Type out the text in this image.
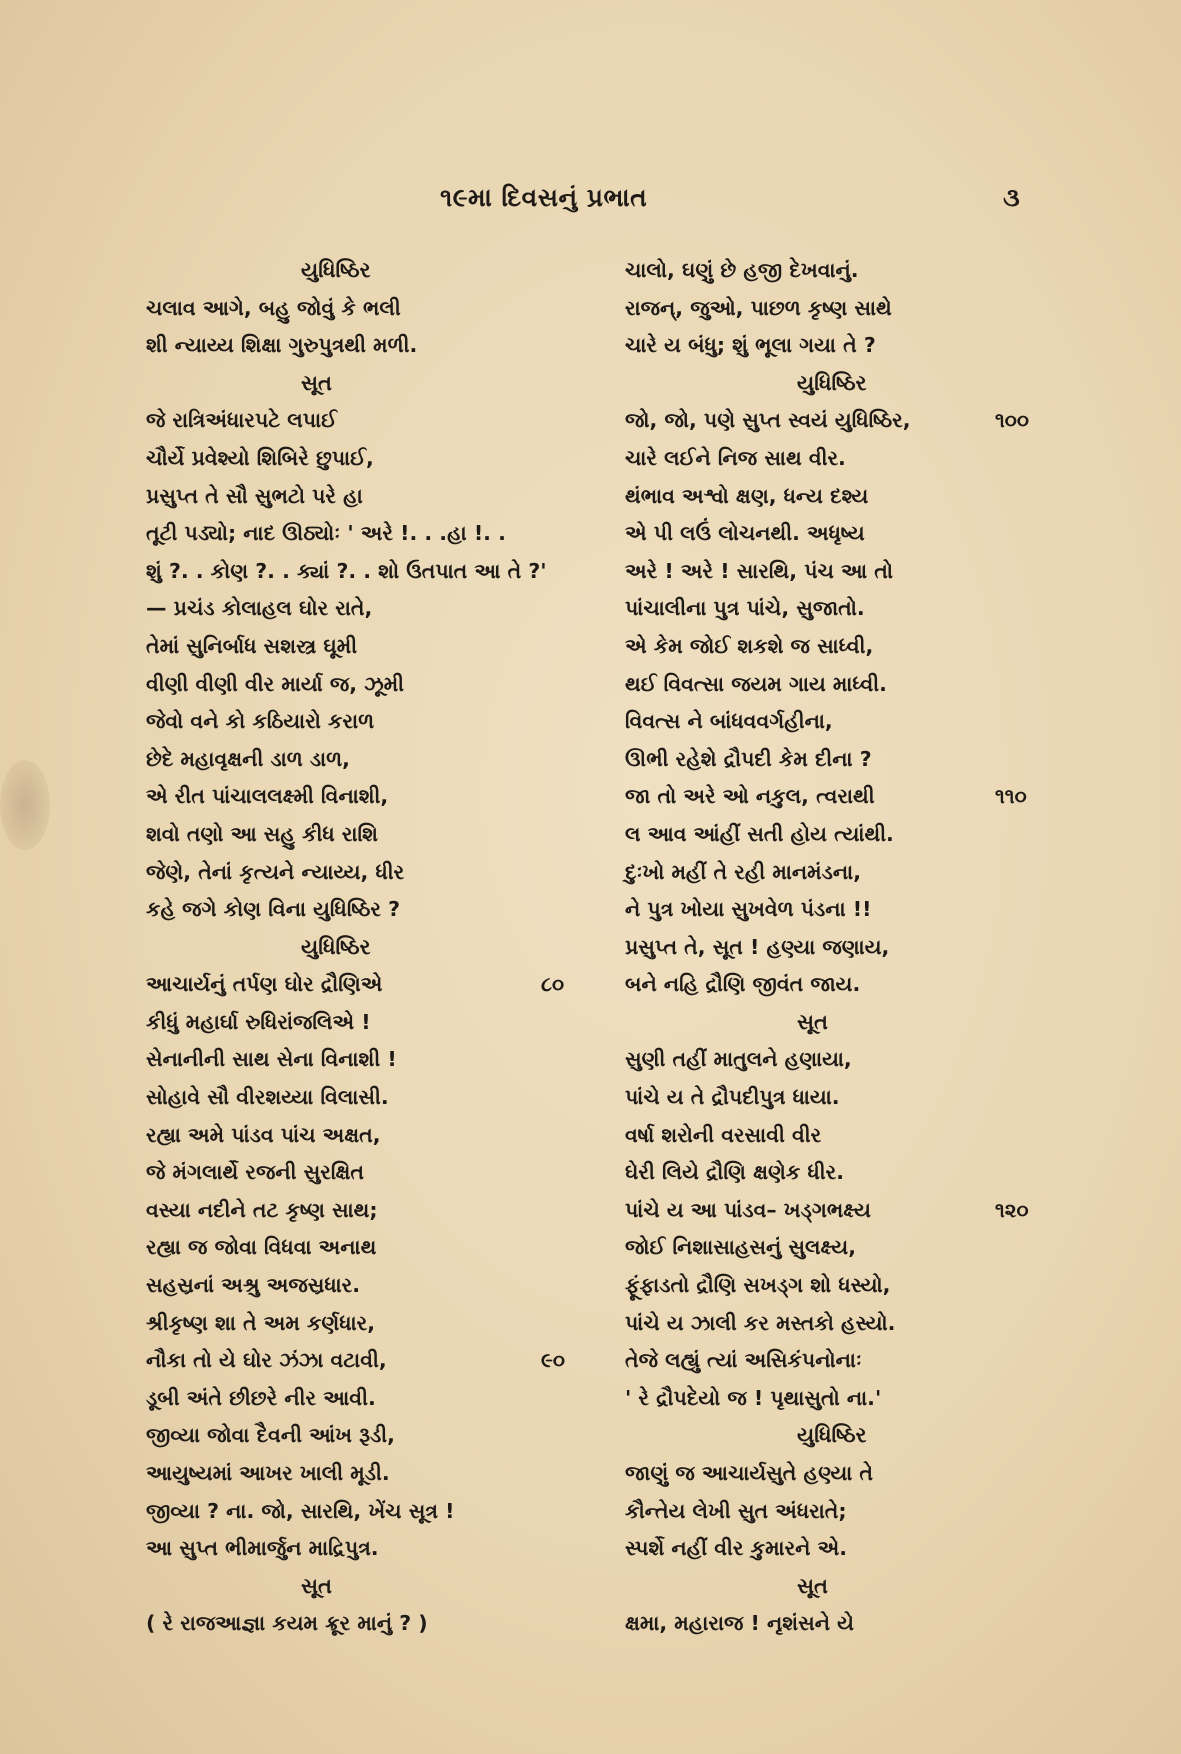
૧૯મા દિવસનું પ્રભાત	૩
યુધિષ્ઠિર
ચલાવ આગે, બહુ જોવું કે ભલી
શી ન્યાય્ય શિક્ષા ગુરુપુત્રથી મળી.
સૂત
જે રાત્રિઅંધારપટે લપાઈ
ચૌર્યે પ્રવેશ્યો શિબિરે છુપાઈ,
પ્રસુપ્ત તે સૌ સુભટો પરે હા
તૂટી પડ્યો; નાદ ઊઠ્યોઃ ' અરે !. . .હા !. .
શું ?. . કોણ ?. . ક્યાં ?. . શો ઉતપાત આ તે ?'
— પ્રચંડ કોલાહલ ઘોર રાતે,
તેમાં સુનિર્બાધ સશસ્ત્ર ઘૂમી
વીણી વીણી વીર માર્યા જ, ઝૂમી
જેવો વને કો કઠિયારો કરાળ
છેદે મહાવૃક્ષની ડાળ ડાળ,
એ રીત પાંચાલલક્ષ્મી વિનાશી,
શવો તણો આ સહુ કીધ રાશિ
જેણે, તેનાં કૃત્યને ન્યાય્ય, ધીર
કહે જગે કોણ વિના યુધિષ્ઠિર ?
યુધિષ્ઠિર
આચાર્યનું તર્પણ ઘોર દ્રૌણિએ	૮૦
કીધું મહાર્ઘા રુધિરાંજલિએ !
સેનાનીની સાથ સેના વિનાશી !
સોહાવે સૌ વીરશય્યા વિલાસી.
રહ્યા અમે પાંડવ પાંચ અક્ષત,
જે મંગલાર્થે રજની સુરક્ષિત
વસ્યા નદીને તટ કૃષ્ણ સાથ;
રહ્યા જ જોવા વિધવા અનાથ
સહસ્રનાં અશ્રુ અજસ્રધાર.
શ્રીકૃષ્ણ શા તે અમ કર્ણધાર,
નૌકા તો યે ઘોર ઝંઝા વટાવી,	૯૦
ડૂબી અંતે છીછરે નીર આવી.
જીવ્યા જોવા દૈવની આંખ રૂડી,
આયુષ્યમાં આખર ખાલી મૂડી.
જીવ્યા ? ના. જો, સારથિ, ખેંચ સૂત્ર !
આ સુપ્ત ભીમાર્જુન માદ્રિપુત્ર.
સૂત
( રે રાજઆજ્ઞા કયમ ક્રૂર માનું ? )
ચાલો, ઘણું છે હજી દેખવાનું.
રાજન્, જુઓ, પાછળ કૃષ્ણ સાથે
ચારે ય બંધુ; શું ભૂલા ગયા તે ?
યુધિષ્ઠિર
જો, જો, પણે સુપ્ત સ્વયં યુધિષ્ઠિર,	૧૦૦
ચારે લઈને નિજ સાથ વીર.
થંભાવ અશ્વો ક્ષણ, ધન્ય દશ્ય
એ પી લઉં લોચનથી. અધૃષ્ય
અરે ! અરે ! સારથિ, પંચ આ તો
પાંચાલીના પુત્ર પાંચે, સુજાતો.
એ કેમ જોઈ શકશે જ સાધ્વી,
થઈ વિવત્સા જયમ ગાય માધ્વી.
વિવત્સ ને બાંધવવર્ગહીના,
ઊભી રહેશે દ્રૌપદી કેમ દીના ?
જા તો અરે ઓ નકુલ, ત્વરાથી	૧૧૦
લ આવ આંહીં સતી હોય ત્યાંથી.
દુઃખો મહીં તે રહી માનમંડના,
ને પુત્ર ખોયા સુખવેળ પંડના !!
પ્રસુપ્ત તે, સૂત ! હણ્યા જણાય,
બને નહિ દ્રૌણિ જીવંત જાય.
સૂત
સુણી તહીં માતુલને હણાયા,
પાંચે ય તે દ્રૌપદીપુત્ર ધાયા.
વર્ષા શરોની વરસાવી વીર
ઘેરી લિયે દ્રૌણિ ક્ષણેક ધીર.
પાંચે ય આ પાંડવ– ખડ્ગભક્ષ્ય	૧૨૦
જોઈ નિશાસાહસનું સુલક્ષ્ય,
ફૂંફાડતો દ્રૌણિ સખડ્ગ શો ધસ્યો,
પાંચે ય ઝાલી કર મસ્તકો હસ્યો.
તેજે લહ્યું ત્યાં અસિકંપનોનાઃ
' રે દ્રૌપદેયો જ ! પૃથાસુતો ના.'
યુધિષ્ઠિર
જાણું જ આચાર્યસુતે હણ્યા તે
કૌન્તેય લેખી સુત અંધરાતે;
સ્પર્શે નહીં વીર કુમારને એ.
સૂત
ક્ષમા, મહારાજ ! નૃશંસને યે
